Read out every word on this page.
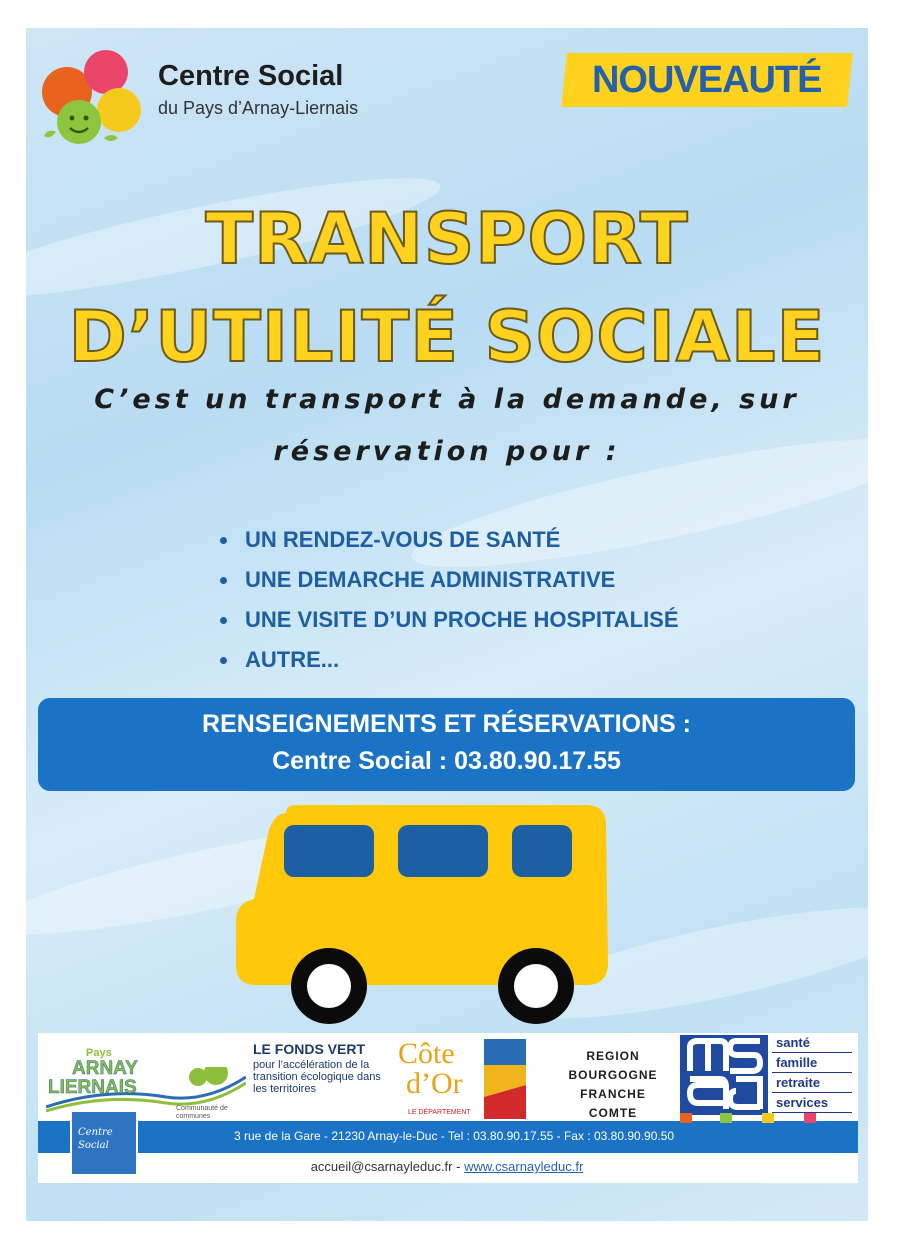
Centre Social
du Pays d’Arnay-Liernais
NOUVEAUTÉ
TRANSPORT
D’UTILITÉ SOCIALE
C’est un transport à la demande, sur
réservation pour :
UN RENDEZ-VOUS DE SANTÉ
UNE DEMARCHE ADMINISTRATIVE
UNE VISITE D’UN PROCHE HOSPITALISÉ
AUTRE...
RENSEIGNEMENTS ET RÉSERVATIONS :
Centre Social : 03.80.90.17.55
Pays
ARNAY
LIERNAIS
Communauté de communes
LE FONDS VERT
pour l’accélération de la transition écologique dans les territoires
Côte
d’Or
LE DÉPARTEMENT
REGION
BOURGOGNE
FRANCHE
COMTE
santé
famille
retraite
services
3 rue de la Gare - 21230 Arnay-le-Duc - Tel : 03.80.90.17.55 - Fax : 03.80.90.90.50
Centre Social
accueil@csarnayleduc.fr - www.csarnayleduc.fr
